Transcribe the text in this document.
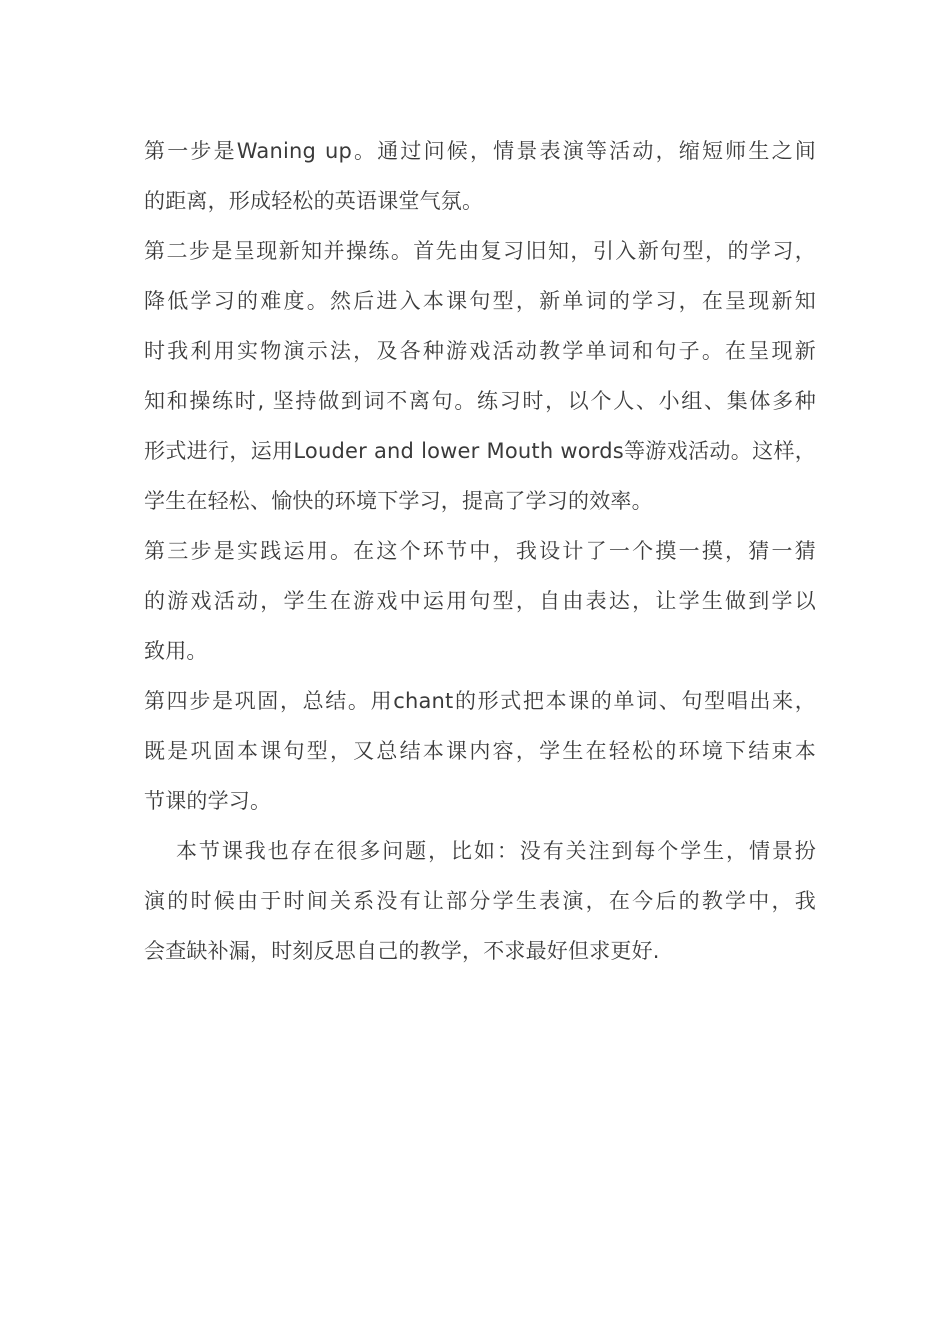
第一步是Waning up。通过问候，情景表演等活动，缩短师生之间
的距离，形成轻松的英语课堂气氛。
第二步是呈现新知并操练。首先由复习旧知，引入新句型，的学习，
降低学习的难度。然后进入本课句型，新单词的学习，在呈现新知
时我利用实物演示法，及各种游戏活动教学单词和句子。在呈现新
知和操练时, 坚持做到词不离句。练习时，以个人、小组、集体多种
形式进行，运用Louder and lower Mouth words等游戏活动。这样，
学生在轻松、愉快的环境下学习，提高了学习的效率。
第三步是实践运用。在这个环节中，我设计了一个摸一摸，猜一猜
的游戏活动，学生在游戏中运用句型，自由表达，让学生做到学以
致用。
第四步是巩固，总结。用chant的形式把本课的单词、句型唱出来，
既是巩固本课句型，又总结本课内容，学生在轻松的环境下结束本
节课的学习。
本节课我也存在很多问题，比如：没有关注到每个学生，情景扮
演的时候由于时间关系没有让部分学生表演，在今后的教学中，我
会查缺补漏，时刻反思自己的教学，不求最好但求更好.
